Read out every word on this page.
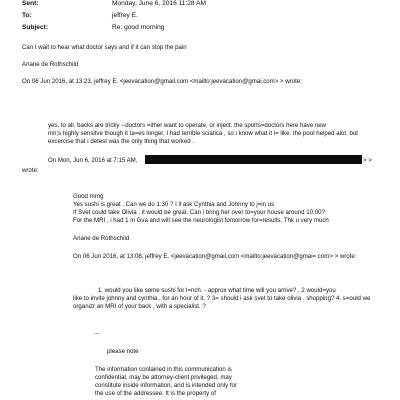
Sent:	Monday, June 6, 2016 11:28 AM
To:	jeffrey E.
Subject:	Re: good morning
Can t wait to hear what doctor says and if it can stop the pain
Ariane de Rothschild
On 06 Jun 2016, at 13:23, jeffrey E. <jeevacation@gmail.com <mailto:jeevacation@gmai.com> > wrote:
yes, to all. backs are tricky --doctors =ither want to operate, or inject. the sports=doctors here have new
mri;s highly sensitve though it ta=es longer. I had terrible sciatica , so i know what it i= like. the pool helped alot. but
excercise that i detest was the only thing that worked .
On Mon, Jun 6, 2016 at 7:15 AM,	> >
wrote:
Good mrng
Yes sushi is great . Can we do 1:30 ? I ll ask Cynthia and Johnny to j=in us
If Svet could take Olivia , it would be great. Can i bring her over to=your house around 10:00?
For the MRI , i had 1 in Gva and will see the neurologist tomorrow for=results. Thk u very much
Ariane de Rothschild
On 06 Jun 2016, at 13:08, jeffrey E. <jeevacation@gmail.com <mailto:jeevacation@gmai=.com> > wrote:
1. would you like some sushi for l=nch. - approx what time will you arrive? , 2 would=you
like to invite johnny and cynthia , for an hour of it. ? 3= should i ask svet to take olivia . shopping? 4. s=ould we
organizr an MRI of your back , with a specialist. ?
--
please note
The information contained in this communication is
confidential, may be attorney-client privileged, may
constitute inside information, and is intended only for
the use of the addressee. It is the property of
